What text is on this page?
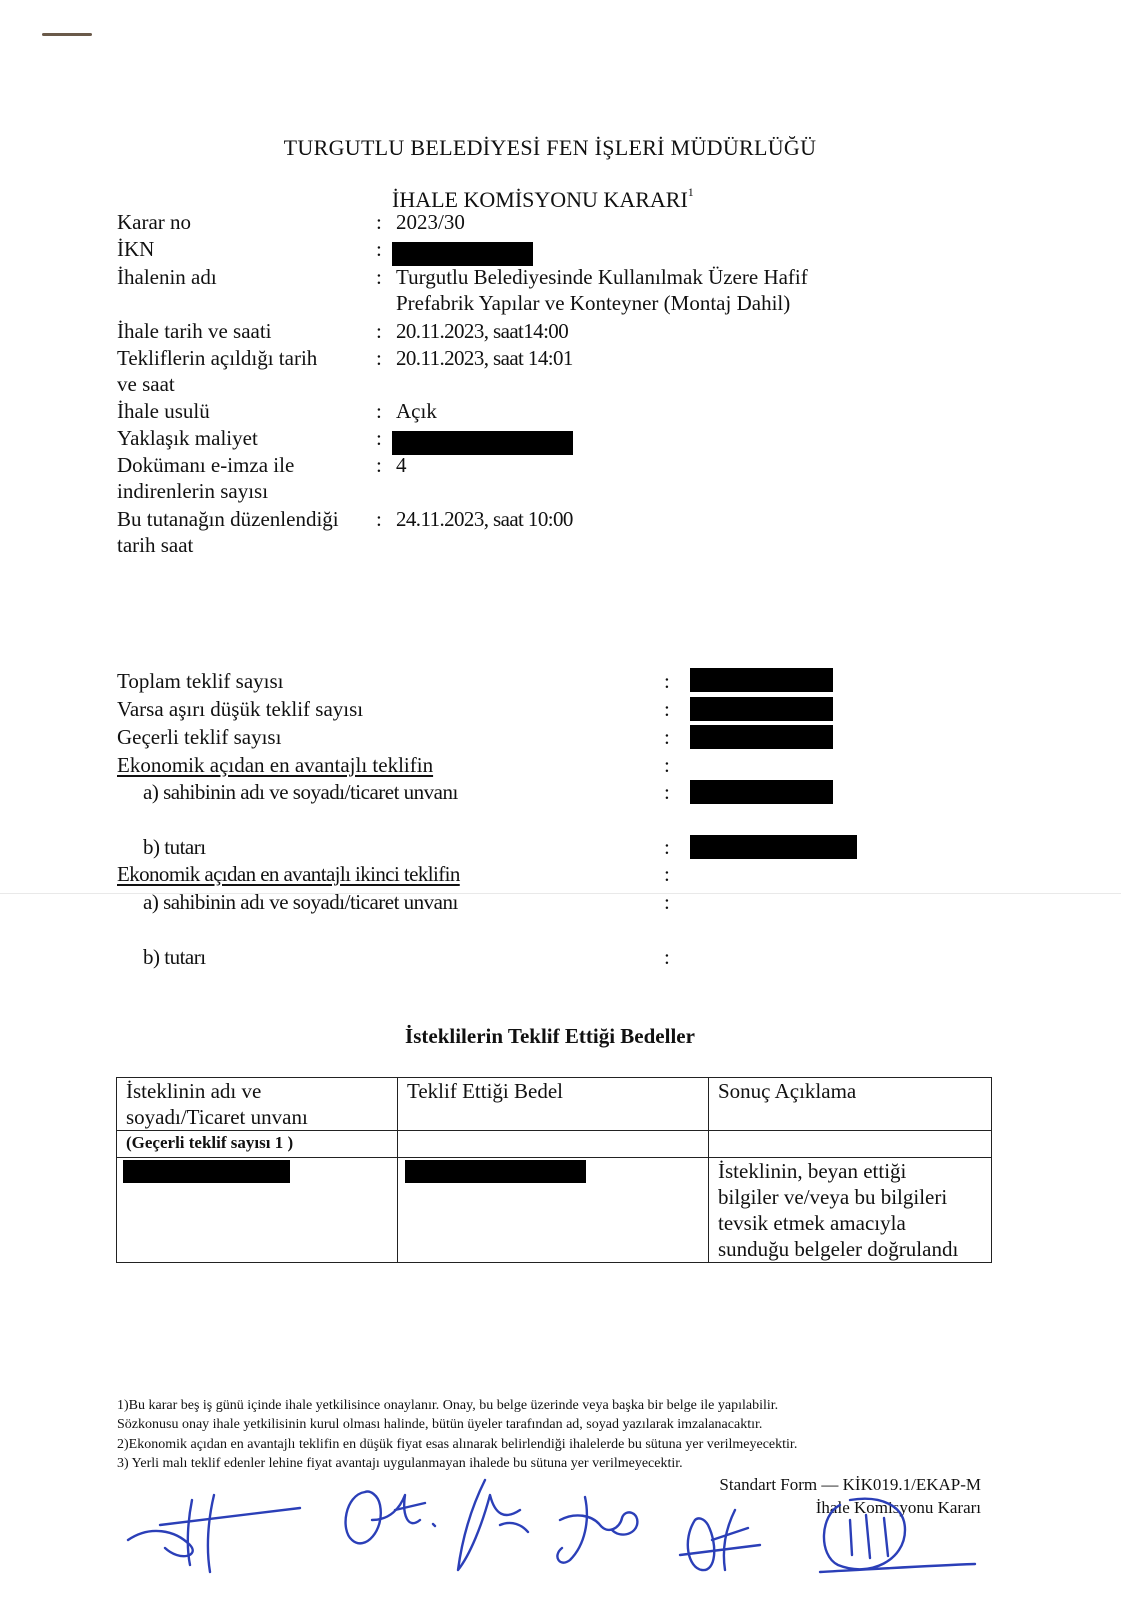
TURGUTLU BELEDİYESİ FEN İŞLERİ MÜDÜRLÜĞÜ
İHALE KOMİSYONU KARARI$^1$
Karar no	: 2023/30
İKN	:
İhalenin adı	: Turgutlu Belediyesinde Kullanılmak Üzere Hafif
Prefabrik Yapılar ve Konteyner (Montaj Dahil)
İhale tarih ve saati	: 20.11.2023, saat14:00
Tekliflerin açıldığı tarih
ve saat
: 20.11.2023, saat 14:01
İhale usulü	: Açık
Yaklaşık maliyet	:
Dokümanı e-imza ile
indirenlerin sayısı
: 4
Bu tutanağın düzenlendiği
tarih saat
: 24.11.2023, saat 10:00
Toplam teklif sayısı	:
Varsa aşırı düşük teklif sayısı	:
Geçerli teklif sayısı	:
Ekonomik açıdan en avantajlı teklifin	:
a) sahibinin adı ve soyadı/ticaret unvanı	:
b) tutarı	:
Ekonomik açıdan en avantajlı ikinci teklifin	:
a) sahibinin adı ve soyadı/ticaret unvanı	:
b) tutarı	:
İsteklilerin Teklif Ettiği Bedeller
İsteklinin adı ve
soyadı/Ticaret unvanı	Teklif Ettiği Bedel	Sonuç Açıklama

(Geçerli teklif sayısı 1 )		

		İsteklinin, beyan ettiği
bilgiler ve/veya bu bilgileri
tevsik etmek amacıyla
sunduğu belgeler doğrulandı
1)Bu karar beş iş günü içinde ihale yetkilisince onaylanır. Onay, bu belge üzerinde veya başka bir belge ile yapılabilir.
Sözkonusu onay ihale yetkilisinin kurul olması halinde, bütün üyeler tarafından ad, soyad yazılarak imzalanacaktır.
2)Ekonomik açıdan en avantajlı teklifin en düşük fiyat esas alınarak belirlendiği ihalelerde bu sütuna yer verilmeyecektir.
3) Yerli malı teklif edenler lehine fiyat avantajı uygulanmayan ihalede bu sütuna yer verilmeyecektir.
Standart Form — KİK019.1/EKAP-M
İhale Komisyonu Kararı
